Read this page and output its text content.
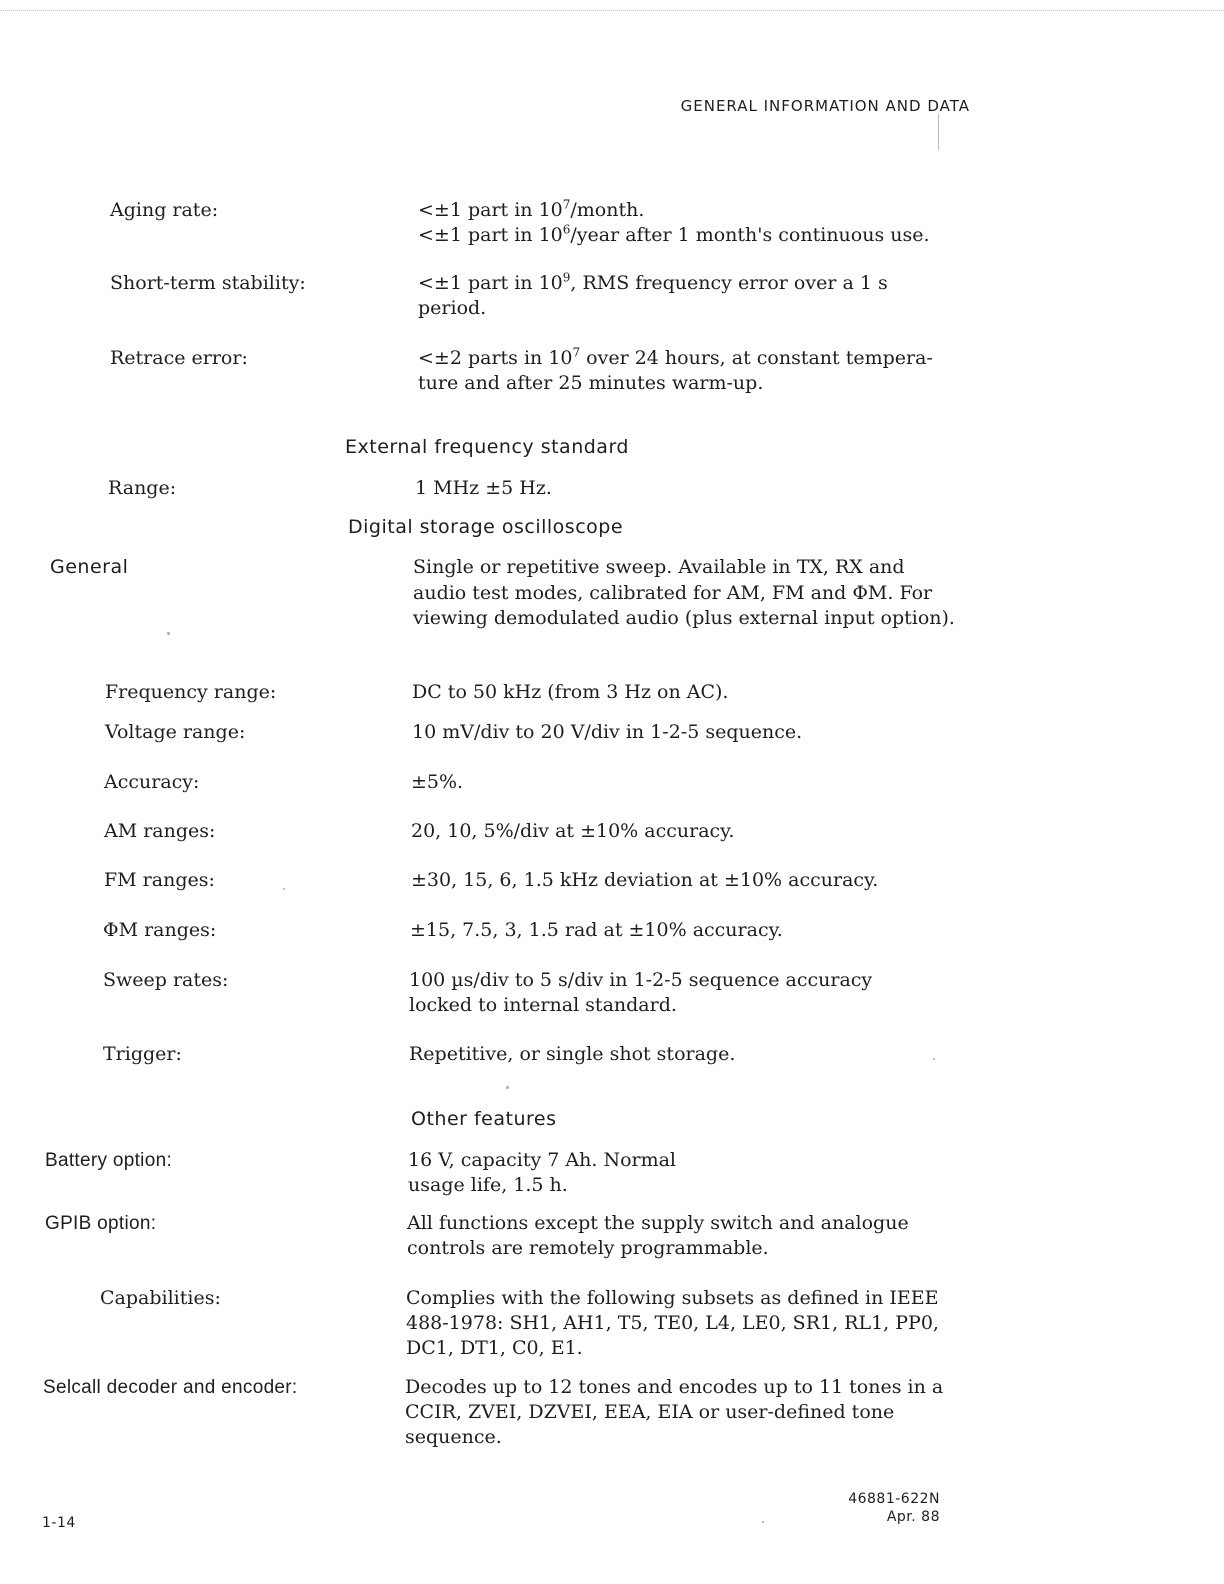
GENERAL INFORMATION AND DATA
Aging rate:	<±1 part in $10^7$/month.
<±1 part in $10^6$/year after 1 month's continuous use.
Short-term stability:	<±1 part in $10^9$, RMS frequency error over a 1 s
period.
Retrace error:	<±2 parts in $10^7$ over 24 hours, at constant tempera-
ture and after 25 minutes warm-up.
External frequency standard
Range:	1 MHz ±5 Hz.
Digital storage oscilloscope
General	Single or repetitive sweep. Available in TX, RX and audio test modes, calibrated for AM, FM and ΦM. For viewing demodulated audio (plus external input option).
Frequency range:	DC to 50 kHz (from 3 Hz on AC).
Voltage range:	10 mV/div to 20 V/div in 1-2-5 sequence.
Accuracy:	±5%.
AM ranges:	20, 10, 5%/div at ±10% accuracy.
FM ranges:	±30, 15, 6, 1.5 kHz deviation at ±10% accuracy.
ΦM ranges:	±15, 7.5, 3, 1.5 rad at ±10% accuracy.
Sweep rates:	100 µs/div to 5 s/div in 1-2-5 sequence accuracy locked to internal standard.
Trigger:	Repetitive, or single shot storage.
Other features
Battery option:	16 V, capacity 7 Ah. Normal usage life, 1.5 h.
GPIB option:	All functions except the supply switch and analogue controls are remotely programmable.
Capabilities:	Complies with the following subsets as defined in IEEE 488-1978: SH1, AH1, T5, TE0, L4, LE0, SR1, RL1, PP0, DC1, DT1, C0, E1.
Selcall decoder and encoder:	Decodes up to 12 tones and encodes up to 11 tones in a CCIR, ZVEI, DZVEI, EEA, EIA or user-defined tone sequence.
1-14
46881-622N
Apr. 88
